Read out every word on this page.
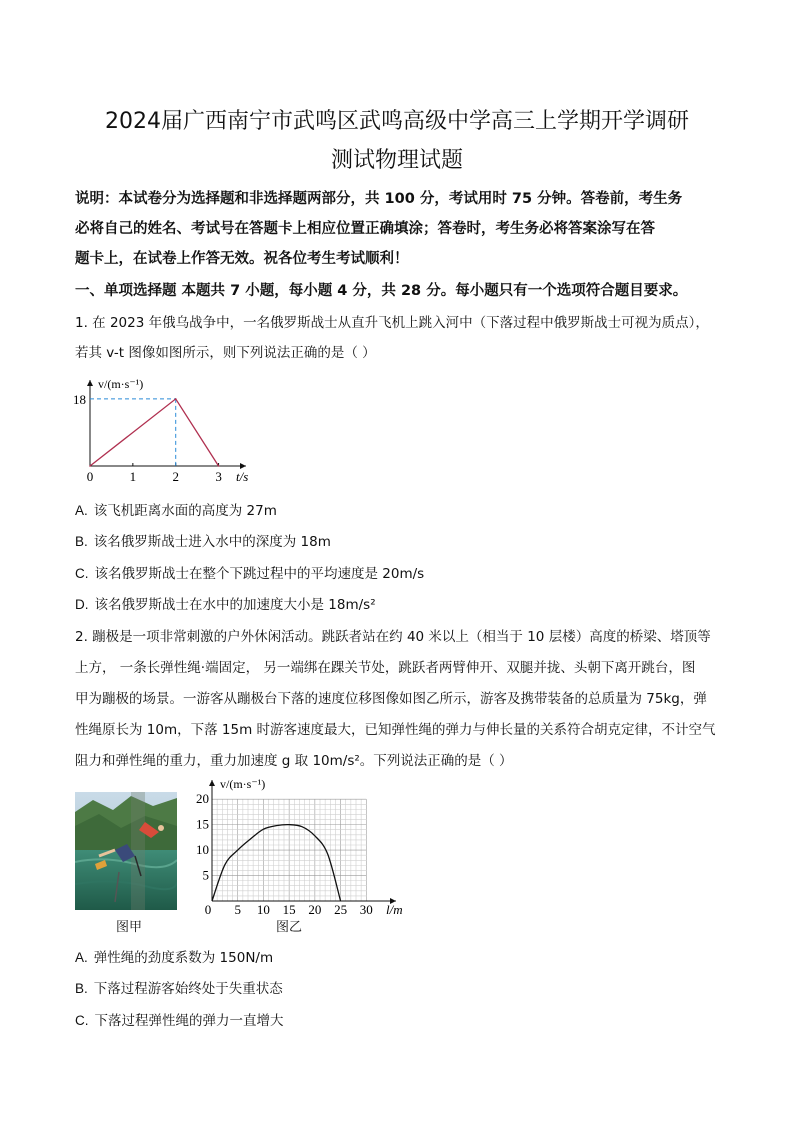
2024届广西南宁市武鸣区武鸣高级中学高三上学期开学调研
测试物理试题
说明：本试卷分为选择题和非选择题两部分，共 100 分，考试用时 75 分钟。答卷前，考生务
必将自己的姓名、考试号在答题卡上相应位置正确填涂；答卷时，考生务必将答案涂写在答
题卡上，在试卷上作答无效。祝各位考生考试顺利！
一、单项选择题 本题共 7 小题，每小题 4 分，共 28 分。每小题只有一个选项符合题目要求。
1. 在 2023 年俄乌战争中，一名俄罗斯战士从直升飞机上跳入河中（下落过程中俄罗斯战士可视为质点），
若其 v-t 图像如图所示，则下列说法正确的是（ ）
0	1	2	3
18
t/s
v/(m·s⁻¹)
A. 该飞机距离水面的高度为 27m
B. 该名俄罗斯战士进入水中的深度为 18m
C. 该名俄罗斯战士在整个下跳过程中的平均速度是 20m/s
D. 该名俄罗斯战士在水中的加速度大小是 18m/s²
2. 蹦极是一项非常刺激的户外休闲活动。跳跃者站在约 40 米以上（相当于 10 层楼）高度的桥梁、塔顶等
上方， 一条长弹性绳·端固定， 另一端绑在踝关节处，跳跃者两臂伸开、双腿并拢、头朝下离开跳台，图
甲为蹦极的场景。一游客从蹦极台下落的速度位移图像如图乙所示，游客及携带装备的总质量为 75kg，弹
性绳原长为 10m，下落 15m 时游客速度最大，已知弹性绳的弹力与伸长量的关系符合胡克定律，不计空气
阻力和弹性绳的重力，重力加速度 g 取 10m/s²。下列说法正确的是（ ）
图甲
0 5 10 15 20 25 30
5
10
15
20
l/m
v/(m·s⁻¹)
图乙
A. 弹性绳的劲度系数为 150N/m
B. 下落过程游客始终处于失重状态
C. 下落过程弹性绳的弹力一直增大
